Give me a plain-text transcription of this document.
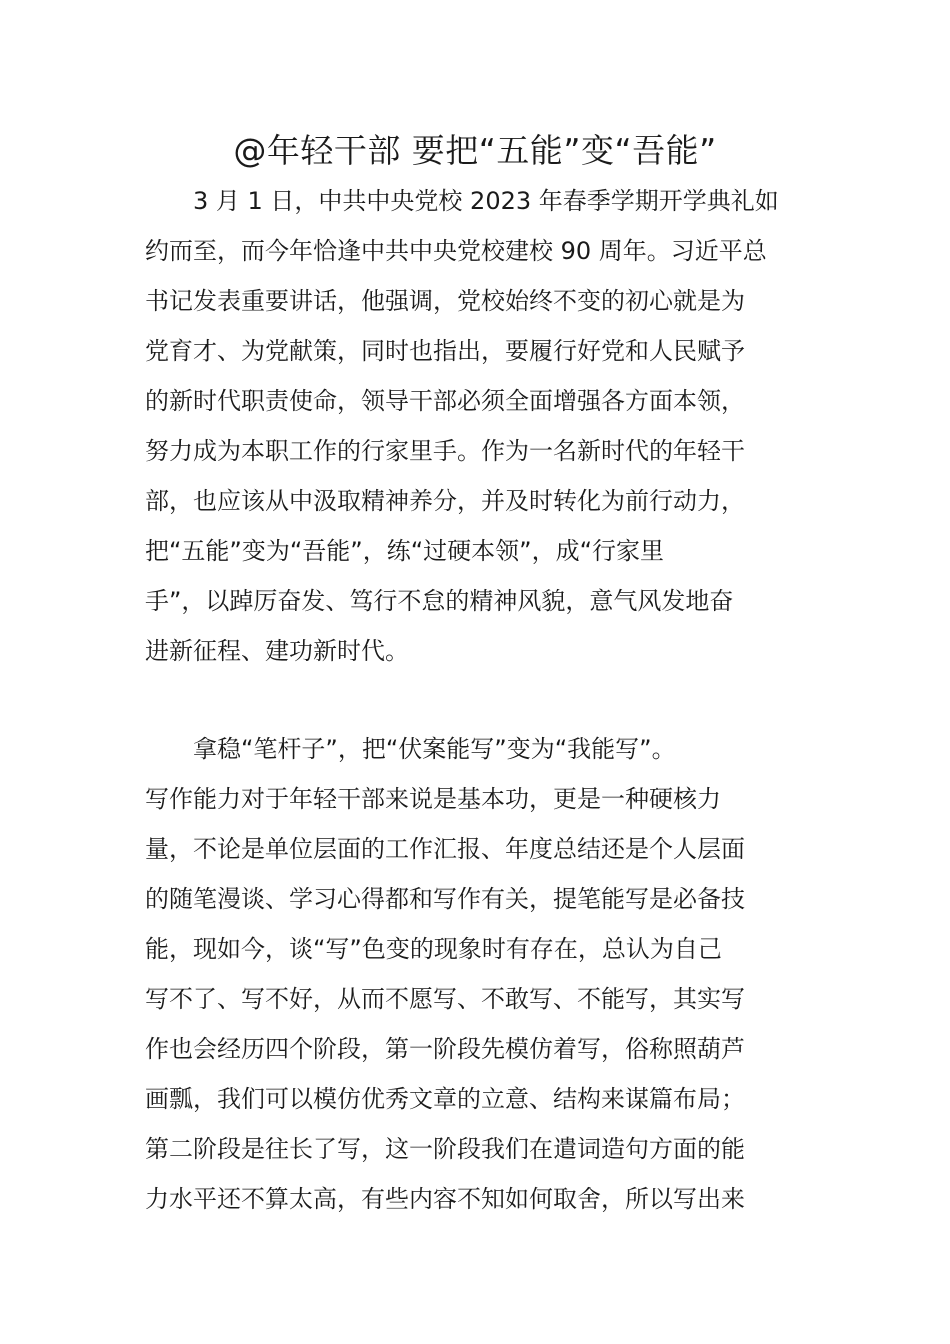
@年轻干部 要把“五能”变“吾能”

3 月 1 日，中共中央党校 2023 年春季学期开学典礼如

约而至，而今年恰逢中共中央党校建校 90 周年。习近平总

书记发表重要讲话，他强调，党校始终不变的初心就是为

党育才、为党献策，同时也指出，要履行好党和人民赋予

的新时代职责使命，领导干部必须全面增强各方面本领，

努力成为本职工作的行家里手。作为一名新时代的年轻干

部，也应该从中汲取精神养分，并及时转化为前行动力，

把“五能”变为“吾能”，练“过硬本领”，成“行家里

手”，以踔厉奋发、笃行不怠的精神风貌，意气风发地奋

进新征程、建功新时代。

拿稳“笔杆子”，把“伏案能写”变为“我能写”。

写作能力对于年轻干部来说是基本功，更是一种硬核力

量，不论是单位层面的工作汇报、年度总结还是个人层面

的随笔漫谈、学习心得都和写作有关，提笔能写是必备技

能，现如今，谈“写”色变的现象时有存在，总认为自己

写不了、写不好，从而不愿写、不敢写、不能写，其实写

作也会经历四个阶段，第一阶段先模仿着写，俗称照葫芦

画瓢，我们可以模仿优秀文章的立意、结构来谋篇布局；

第二阶段是往长了写，这一阶段我们在遣词造句方面的能

力水平还不算太高，有些内容不知如何取舍，所以写出来
